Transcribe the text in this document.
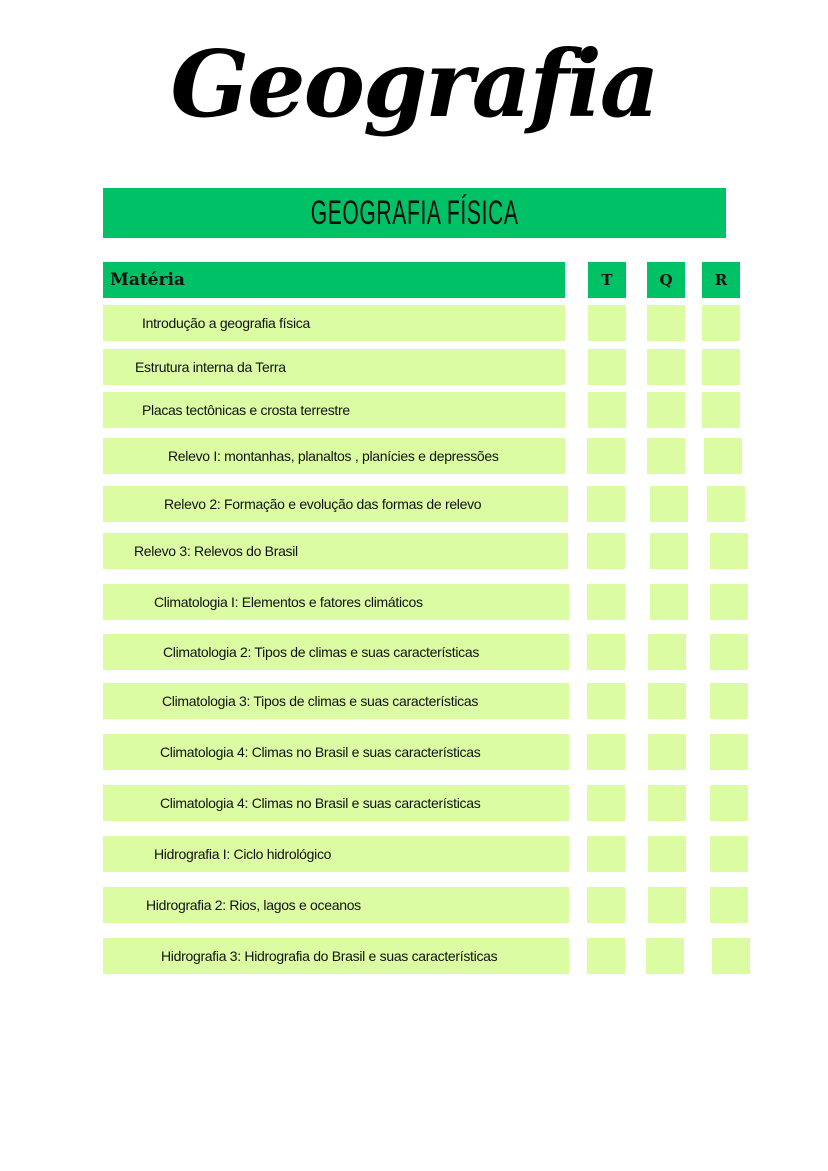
Geografia
GEOGRAFIA FÍSICA
Matéria	T	Q	R
Introdução a geografia física
Estrutura interna da Terra
Placas tectônicas e crosta terrestre
Relevo I: montanhas, planaltos , planícies e depressões
Relevo 2: Formação e evolução das formas de relevo
Relevo 3: Relevos do Brasil
Climatologia I: Elementos e fatores climáticos
Climatologia 2: Tipos de climas e suas características
Climatologia 3: Tipos de climas e suas características
Climatologia 4: Climas no Brasil e suas características
Climatologia 4: Climas no Brasil e suas características
Hidrografia I: Ciclo hidrológico
Hidrografia 2: Rios, lagos e oceanos
Hidrografia 3: Hidrografia do Brasil e suas características
